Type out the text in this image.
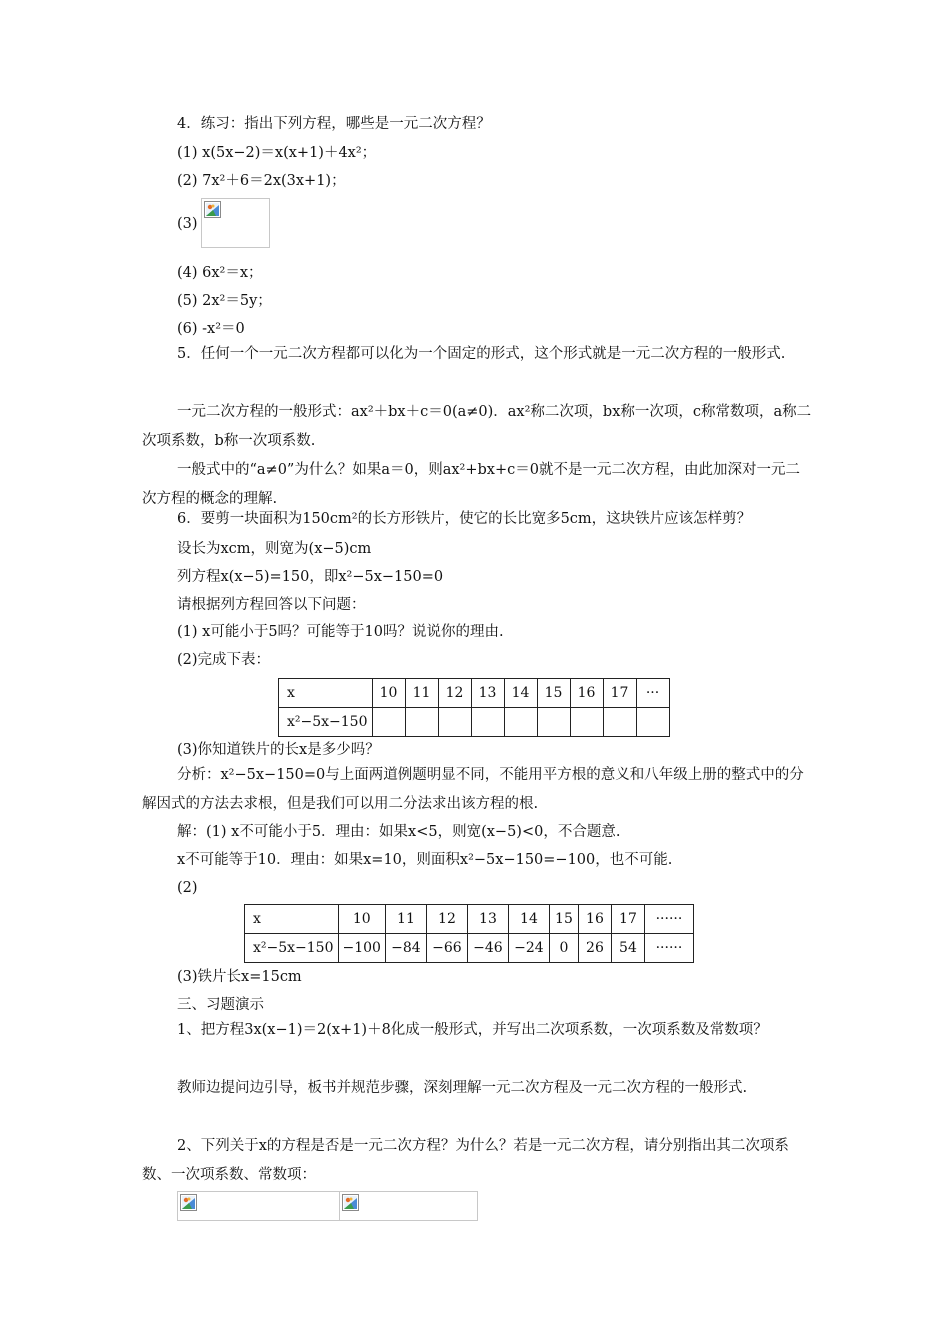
4．练习：指出下列方程，哪些是一元二次方程？
(1) x(5x−2)＝x(x+1)＋4x²；
(2) 7x²＋6＝2x(3x+1)；
(3)
(4) 6x²＝x；
(5) 2x²＝5y；
(6) -x²＝0
5．任何一个一元二次方程都可以化为一个固定的形式，这个形式就是一元二次方程的一般形式.
一元二次方程的一般形式：ax²＋bx＋c＝0(a≠0)．ax²称二次项，bx称一次项，c称常数项，a称二次项系数，b称一次项系数.
一般式中的“a≠0”为什么？如果a＝0，则ax²+bx+c＝0就不是一元二次方程，由此加深对一元二次方程的概念的理解.
6．要剪一块面积为150cm²的长方形铁片，使它的长比宽多5cm，这块铁片应该怎样剪？
设长为xcm，则宽为(x−5)cm
列方程x(x−5)=150，即x²−5x−150=0
请根据列方程回答以下问题：
(1) x可能小于5吗？可能等于10吗？说说你的理由.
(2)完成下表：
x	10	11	12	13	14	15	16	17	···
x²−5x−150									
(3)你知道铁片的长x是多少吗？
分析：x²−5x−150=0与上面两道例题明显不同，不能用平方根的意义和八年级上册的整式中的分解因式的方法去求根，但是我们可以用二分法求出该方程的根.
解：(1) x不可能小于5．理由：如果x<5，则宽(x−5)<0，不合题意.
x不可能等于10．理由：如果x=10，则面积x²−5x−150=−100，也不可能.
(2)
x	10	11	12	13	14	15	16	17	······
x²−5x−150	−100	−84	−66	−46	−24	0	26	54	······
(3)铁片长x=15cm
三、习题演示
1、把方程3x(x−1)＝2(x+1)＋8化成一般形式，并写出二次项系数，一次项系数及常数项？
教师边提问边引导，板书并规范步骤，深刻理解一元二次方程及一元二次方程的一般形式.
2、下列关于x的方程是否是一元二次方程？为什么？若是一元二次方程，请分别指出其二次项系数、一次项系数、常数项：
